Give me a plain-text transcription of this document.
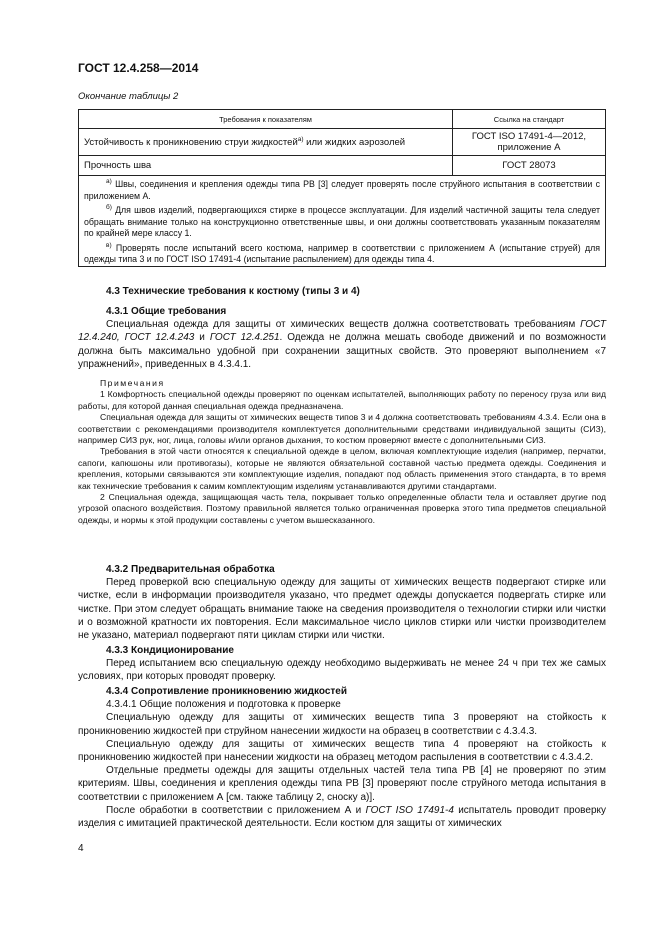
ГОСТ 12.4.258—2014
Окончание таблицы 2
Требования к показателям	Ссылка на стандарт
Устойчивость к проникновению струи жидкостей$^{а)}$ или жидких аэрозолей	ГОСТ ISO 17491-4—2012,
приложение А

Прочность шва	ГОСТ 28073

$^{а)}$ Швы, соединения и крепления одежды типа PB [3] следует проверять после струйного испытания в соответствии с приложением А.

$^{б)}$ Для швов изделий, подвергающихся стирке в процессе эксплуатации. Для изделий частичной защиты тела следует обращать внимание только на конструкционно ответственные швы, и они должны соответствовать указанным показателям по крайней мере классу 1.

$^{в)}$ Проверять после испытаний всего костюма, например в соответствии с приложением А (испытание струей) для одежды типа 3 и по ГОСТ ISO 17491-4 (испытание распылением) для одежды типа 4.	

4.3 Технические требования к костюму (типы 3 и 4)

4.3.1 Общие требования

Специальная одежда для защиты от химических веществ должна соответствовать требованиям ГОСТ 12.4.240, ГОСТ 12.4.243 и ГОСТ 12.4.251. Одежда не должна мешать свободе движений и по возможности должна быть максимально удобной при сохранении защитных свойств. Это проверяют выполнением «7 упражнений», приведенных в 4.3.4.1.

Примечания

1 Комфортность специальной одежды проверяют по оценкам испытателей, выполняющих работу по переносу груза или вид работы, для которой данная специальная одежда предназначена.

Специальная одежда для защиты от химических веществ типов 3 и 4 должна соответствовать требованиям 4.3.4. Если она в соответствии с рекомендациями производителя комплектуется дополнительными средствами индивидуальной защиты (СИЗ), например СИЗ рук, ног, лица, головы и/или органов дыхания, то костюм проверяют вместе с дополнительными СИЗ.

Требования в этой части относятся к специальной одежде в целом, включая комплектующие изделия (например, перчатки, сапоги, капюшоны или противогазы), которые не являются обязательной составной частью предмета одежды. Соединения и крепления, которыми связываются эти комплектующие изделия, попадают под область применения этого стандарта, в то время как технические требования к самим комплектующим изделиям устанавливаются другими стандартами.

2 Специальная одежда, защищающая часть тела, покрывает только определенные области тела и оставляет другие под угрозой опасного воздействия. Поэтому правильной является только ограниченная проверка этого типа предметов специальной одежды, и нормы к этой продукции составлены с учетом вышесказанного.

4.3.2 Предварительная обработка

Перед проверкой всю специальную одежду для защиты от химических веществ подвергают стирке или чистке, если в информации производителя указано, что предмет одежды допускается подвергать стирке или чистке. При этом следует обращать внимание также на сведения производителя о технологии стирки или чистки и о возможной кратности их повторения. Если максимальное число циклов стирки или чистки производителем не указано, материал подвергают пяти циклам стирки или чистки.

4.3.3 Кондиционирование

Перед испытанием всю специальную одежду необходимо выдерживать не менее 24 ч при тех же самых условиях, при которых проводят проверку.

4.3.4 Сопротивление проникновению жидкостей

4.3.4.1 Общие положения и подготовка к проверке

Специальную одежду для защиты от химических веществ типа 3 проверяют на стойкость к проникновению жидкостей при струйном нанесении жидкости на образец в соответствии с 4.3.4.3.

Специальную одежду для защиты от химических веществ типа 4 проверяют на стойкость к проникновению жидкостей при нанесении жидкости на образец методом распыления в соответствии с 4.3.4.2.

Отдельные предметы одежды для защиты отдельных частей тела типа PB [4] не проверяют по этим критериям. Швы, соединения и крепления одежды типа PB [3] проверяют после струйного метода испытания в соответствии с приложением А [см. также таблицу 2, сноску а)].

После обработки в соответствии с приложением А и ГОСТ ISO 17491-4 испытатель проводит проверку изделия с имитацией практической деятельности. Если костюм для защиты от химических

4
